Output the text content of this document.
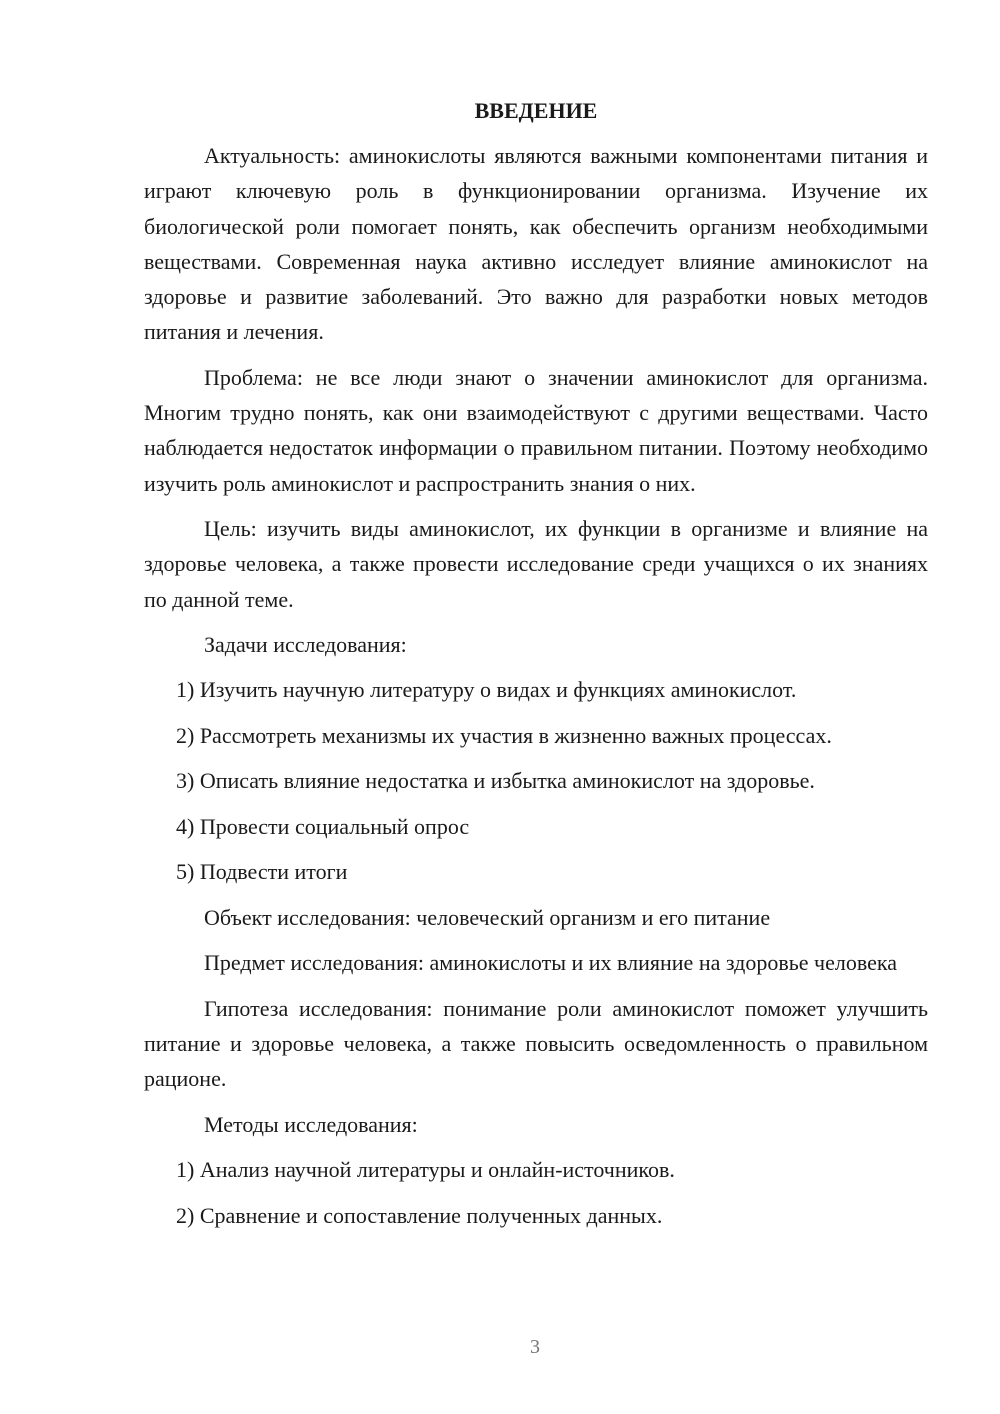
ВВЕДЕНИЕ

Актуальность: аминокислоты являются важными компонентами питания и играют ключевую роль в функционировании организма. Изучение их биологической роли помогает понять, как обеспечить организм необходимыми веществами. Современная наука активно исследует влияние аминокислот на здоровье и развитие заболеваний. Это важно для разработки новых методов питания и лечения.

Проблема: не все люди знают о значении аминокислот для организма. Многим трудно понять, как они взаимодействуют с другими веществами. Часто наблюдается недостаток информации о правильном питании. Поэтому необходимо изучить роль аминокислот и распространить знания о них.

Цель: изучить виды аминокислот, их функции в организме и влияние на здоровье человека, а также провести исследование среди учащихся о их знаниях по данной теме.

Задачи исследования:
1) Изучить научную литературу о видах и функциях аминокислот.
2) Рассмотреть механизмы их участия в жизненно важных процессах.
3) Описать влияние недостатка и избытка аминокислот на здоровье.
4) Провести социальный опрос
5) Подвести итоги
Объект исследования: человеческий организм и его питание

Предмет исследования: аминокислоты и их влияние на здоровье человека

Гипотеза исследования: понимание роли аминокислот поможет улучшить питание и здоровье человека, а также повысить осведомленность о правильном рационе.

Методы исследования:
1) Анализ научной литературы и онлайн-источников.
2) Сравнение и сопоставление полученных данных.
3
